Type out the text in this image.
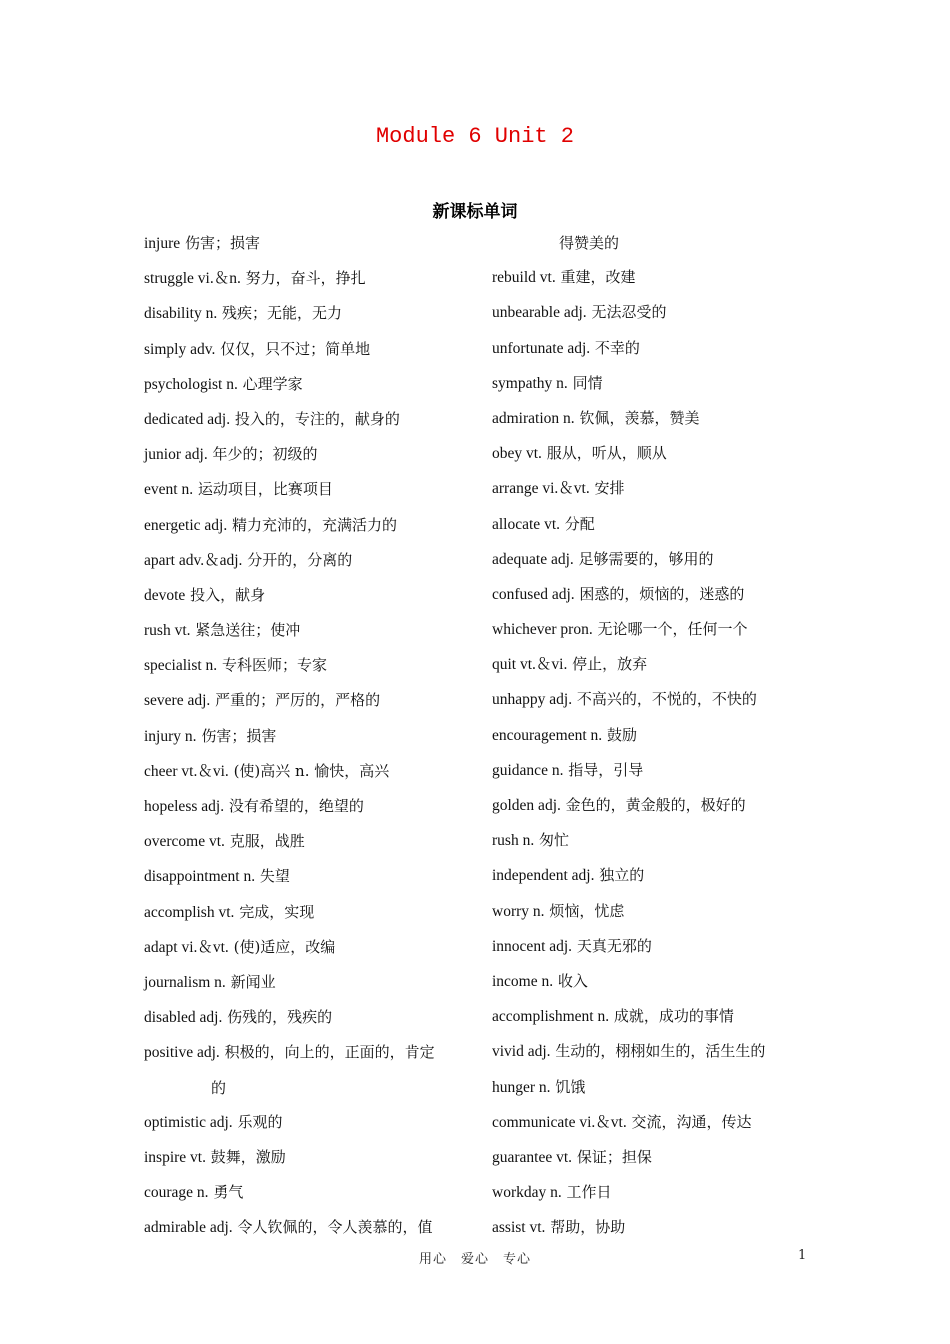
Module 6 Unit 2
新课标单词
injure 伤害；损害
struggle vi.＆n. 努力，奋斗，挣扎
disability n. 残疾；无能，无力
simply adv. 仅仅，只不过；简单地
psychologist n. 心理学家
dedicated adj. 投入的，专注的，献身的
junior adj. 年少的；初级的
event n. 运动项目，比赛项目
energetic adj. 精力充沛的，充满活力的
apart adv.＆adj. 分开的，分离的
devote 投入，献身
rush vt. 紧急送往；使冲
specialist n. 专科医师；专家
severe adj. 严重的；严厉的，严格的
injury n. 伤害；损害
cheer vt.＆vi. (使)高兴 n. 愉快，高兴
hopeless adj. 没有希望的，绝望的
overcome vt. 克服，战胜
disappointment n. 失望
accomplish vt. 完成，实现
adapt vi.＆vt. (使)适应，改编
journalism n. 新闻业
disabled adj. 伤残的，残疾的
positive adj. 积极的，向上的，正面的，肯定
的
optimistic adj. 乐观的
inspire vt. 鼓舞，激励
courage n. 勇气
admirable adj. 令人钦佩的，令人羡慕的，值
得赞美的
rebuild vt. 重建，改建
unbearable adj. 无法忍受的
unfortunate adj. 不幸的
sympathy n. 同情
admiration n. 钦佩，羡慕，赞美
obey vt. 服从，听从，顺从
arrange vi.＆vt. 安排
allocate vt. 分配
adequate adj. 足够需要的，够用的
confused adj. 困惑的，烦恼的，迷惑的
whichever pron. 无论哪一个，任何一个
quit vt.＆vi. 停止，放弃
unhappy adj. 不高兴的，不悦的，不快的
encouragement n. 鼓励
guidance n. 指导，引导
golden adj. 金色的，黄金般的，极好的
rush n. 匆忙
independent adj. 独立的
worry n. 烦恼，忧虑
innocent adj. 天真无邪的
income n. 收入
accomplishment n. 成就，成功的事情
vivid adj. 生动的，栩栩如生的，活生生的
hunger n. 饥饿
communicate vi.＆vt. 交流，沟通，传达
guarantee vt. 保证；担保
workday n. 工作日
assist vt. 帮助，协助
用心　爱心　专心	1
